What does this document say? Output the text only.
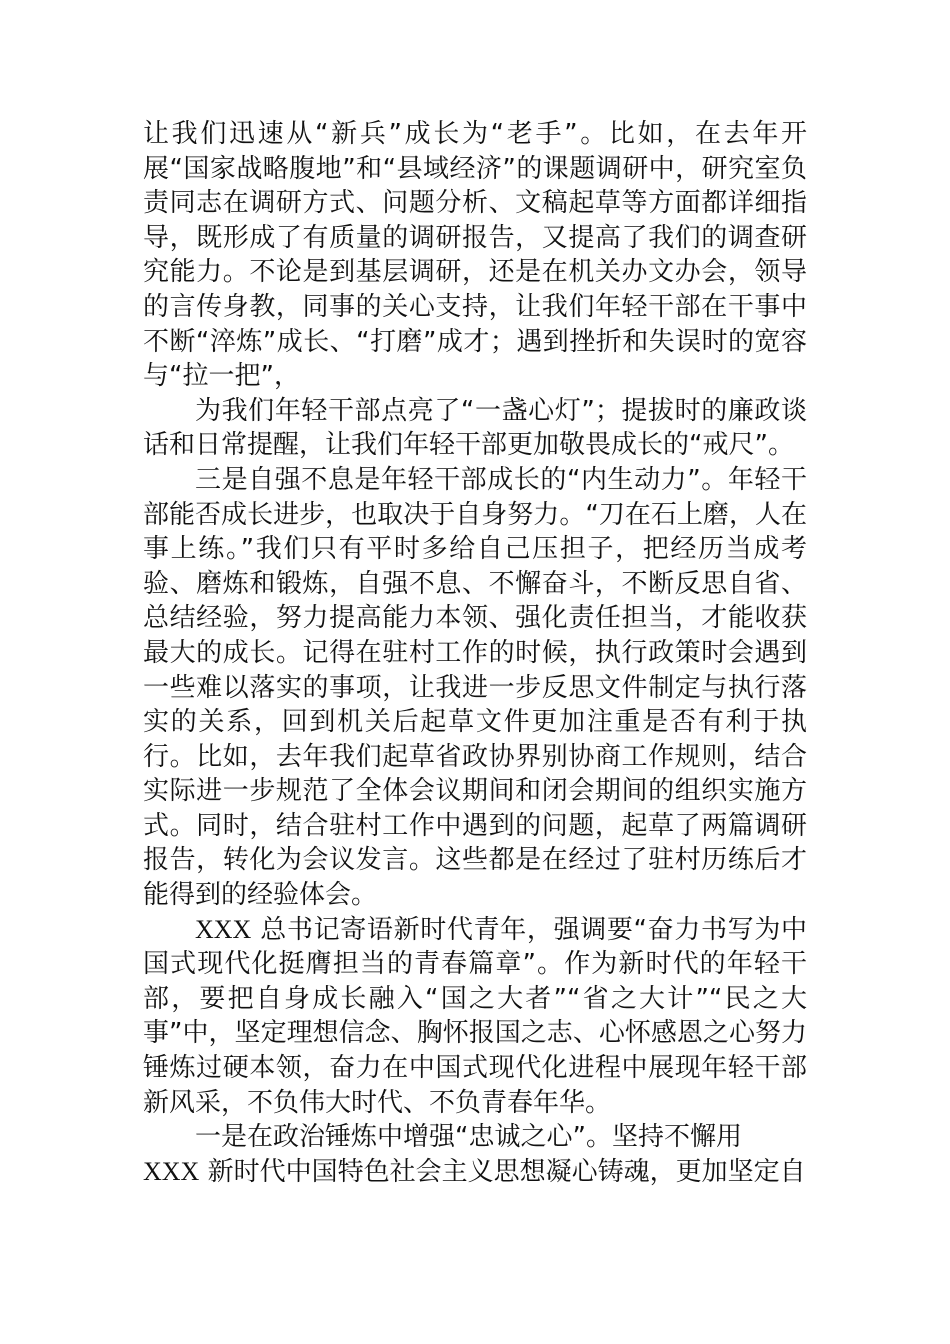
让我们迅速从“新兵”成长为“老手”。比如，在去年开展“国家战略腹地”和“县域经济”的课题调研中，研究室负责同志在调研方式、问题分析、文稿起草等方面都详细指导，既形成了有质量的调研报告，又提高了我们的调查研究能力。不论是到基层调研，还是在机关办文办会，领导的言传身教，同事的关心支持，让我们年轻干部在干事中不断“淬炼”成长、“打磨”成才；遇到挫折和失误时的宽容与“拉一把”，

为我们年轻干部点亮了“一盏心灯”；提拔时的廉政谈话和日常提醒，让我们年轻干部更加敬畏成长的“戒尺”。

三是自强不息是年轻干部成长的“内生动力”。年轻干部能否成长进步，也取决于自身努力。“刀在石上磨，人在事上练。”我们只有平时多给自己压担子，把经历当成考验、磨炼和锻炼，自强不息、不懈奋斗，不断反思自省、总结经验，努力提高能力本领、强化责任担当，才能收获最大的成长。记得在驻村工作的时候，执行政策时会遇到一些难以落实的事项，让我进一步反思文件制定与执行落实的关系，回到机关后起草文件更加注重是否有利于执行。比如，去年我们起草省政协界别协商工作规则，结合实际进一步规范了全体会议期间和闭会期间的组织实施方式。同时，结合驻村工作中遇到的问题，起草了两篇调研报告，转化为会议发言。这些都是在经过了驻村历练后才能得到的经验体会。

XXX 总书记寄语新时代青年，强调要“奋力书写为中国式现代化挺膺担当的青春篇章”。作为新时代的年轻干部，要把自身成长融入“国之大者”“省之大计”“民之大事”中，坚定理想信念、胸怀报国之志、心怀感恩之心努力锤炼过硬本领，奋力在中国式现代化进程中展现年轻干部新风采，不负伟大时代、不负青春年华。

一是在政治锤炼中增强“忠诚之心”。坚持不懈用

XXX 新时代中国特色社会主义思想凝心铸魂，更加坚定自
